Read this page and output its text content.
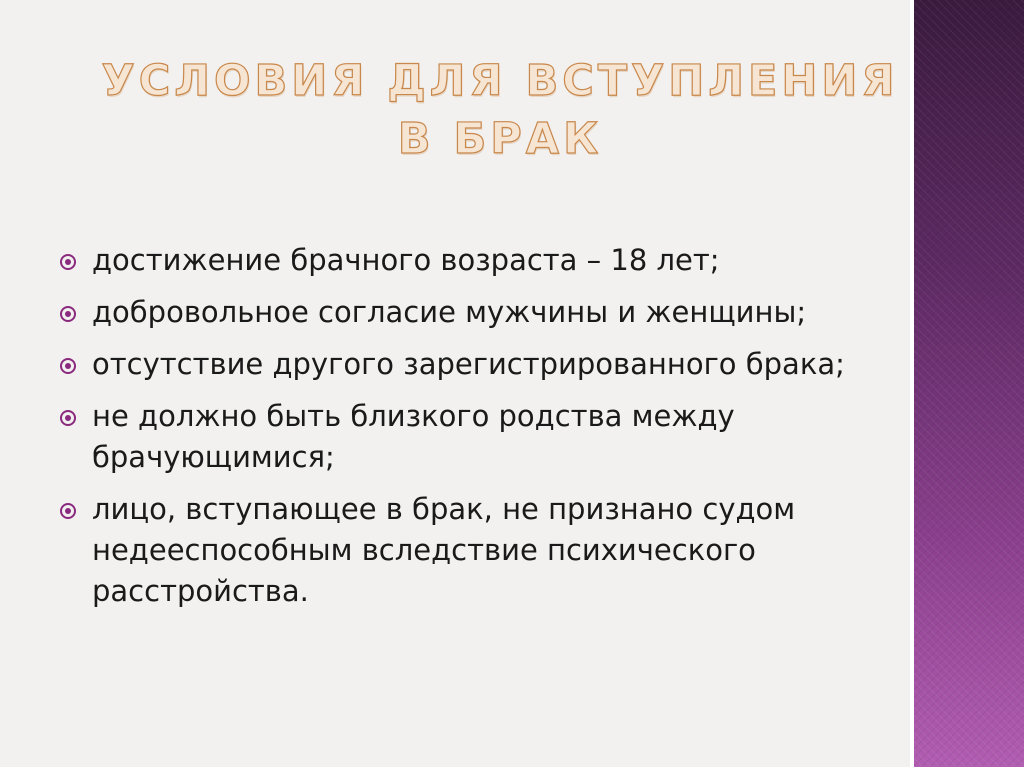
УСЛОВИЯ ДЛЯ ВСТУПЛЕНИЯ В БРАК
достижение брачного возраста – 18 лет;
добровольное согласие мужчины и женщины;
отсутствие другого зарегистрированного брака;
не должно быть близкого родства между брачующимися;
лицо, вступающее в брак, не признано судом недееспособным вследствие психического расстройства.
